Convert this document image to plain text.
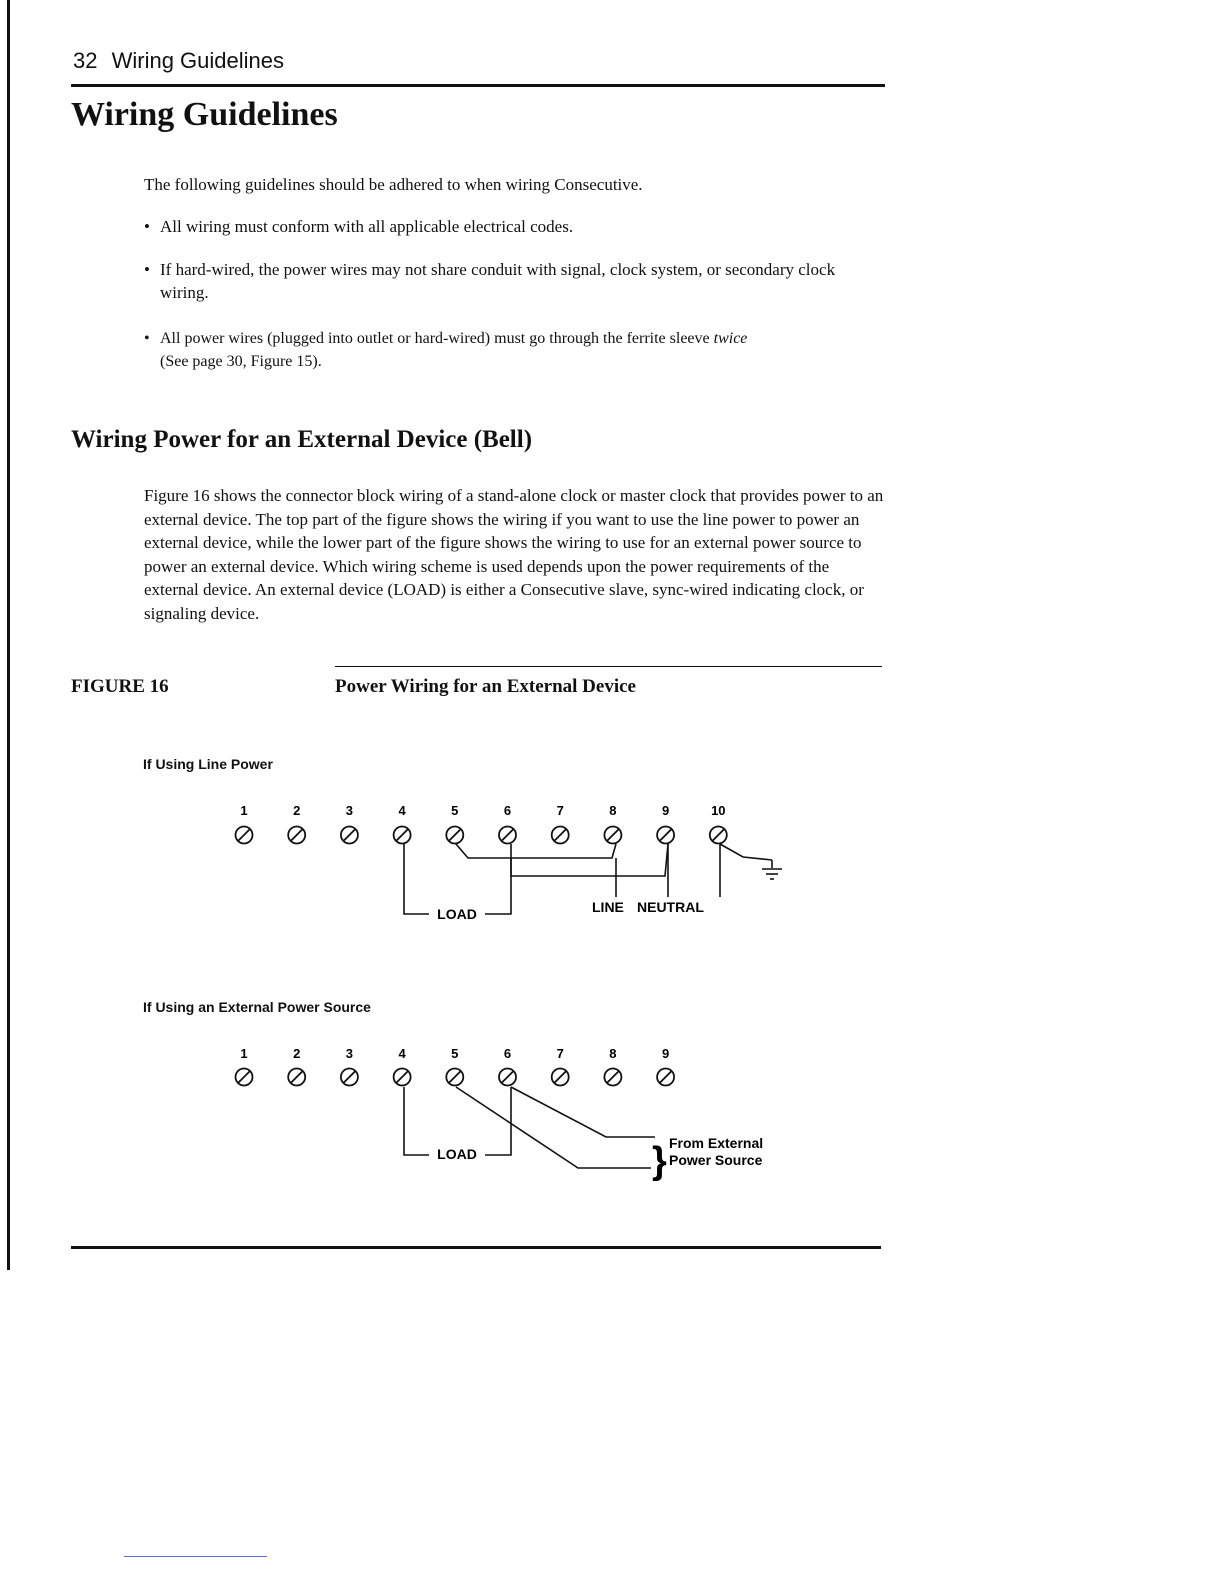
32 Wiring Guidelines
Wiring Guidelines
The following guidelines should be adhered to when wiring Consecutive.
• All wiring must conform with all applicable electrical codes.
• If hard-wired, the power wires may not share conduit with signal, clock system, or secondary clock wiring.
• All power wires (plugged into outlet or hard-wired) must go through the ferrite sleeve twice
(See page 30, Figure 15).
Wiring Power for an External Device (Bell)
Figure 16 shows the connector block wiring of a stand-alone clock or master clock that provides power to an external device. The top part of the figure shows the wiring if you want to use the line power to power an external device, while the lower part of the figure shows the wiring to use for an external power source to power an external device. Which wiring scheme is used depends upon the power requirements of the external device. An external device (LOAD) is either a Consecutive slave, sync-wired indicating clock, or signaling device.
FIGURE 16	Power Wiring for an External Device
If Using Line Power
If Using an External Power Source
1	2	3	4	5	6	7	8	9	10
1	2	3	4	5	6	7	8	9
LOAD	LINE NEUTRAL
LOAD	} From External
Power Source
